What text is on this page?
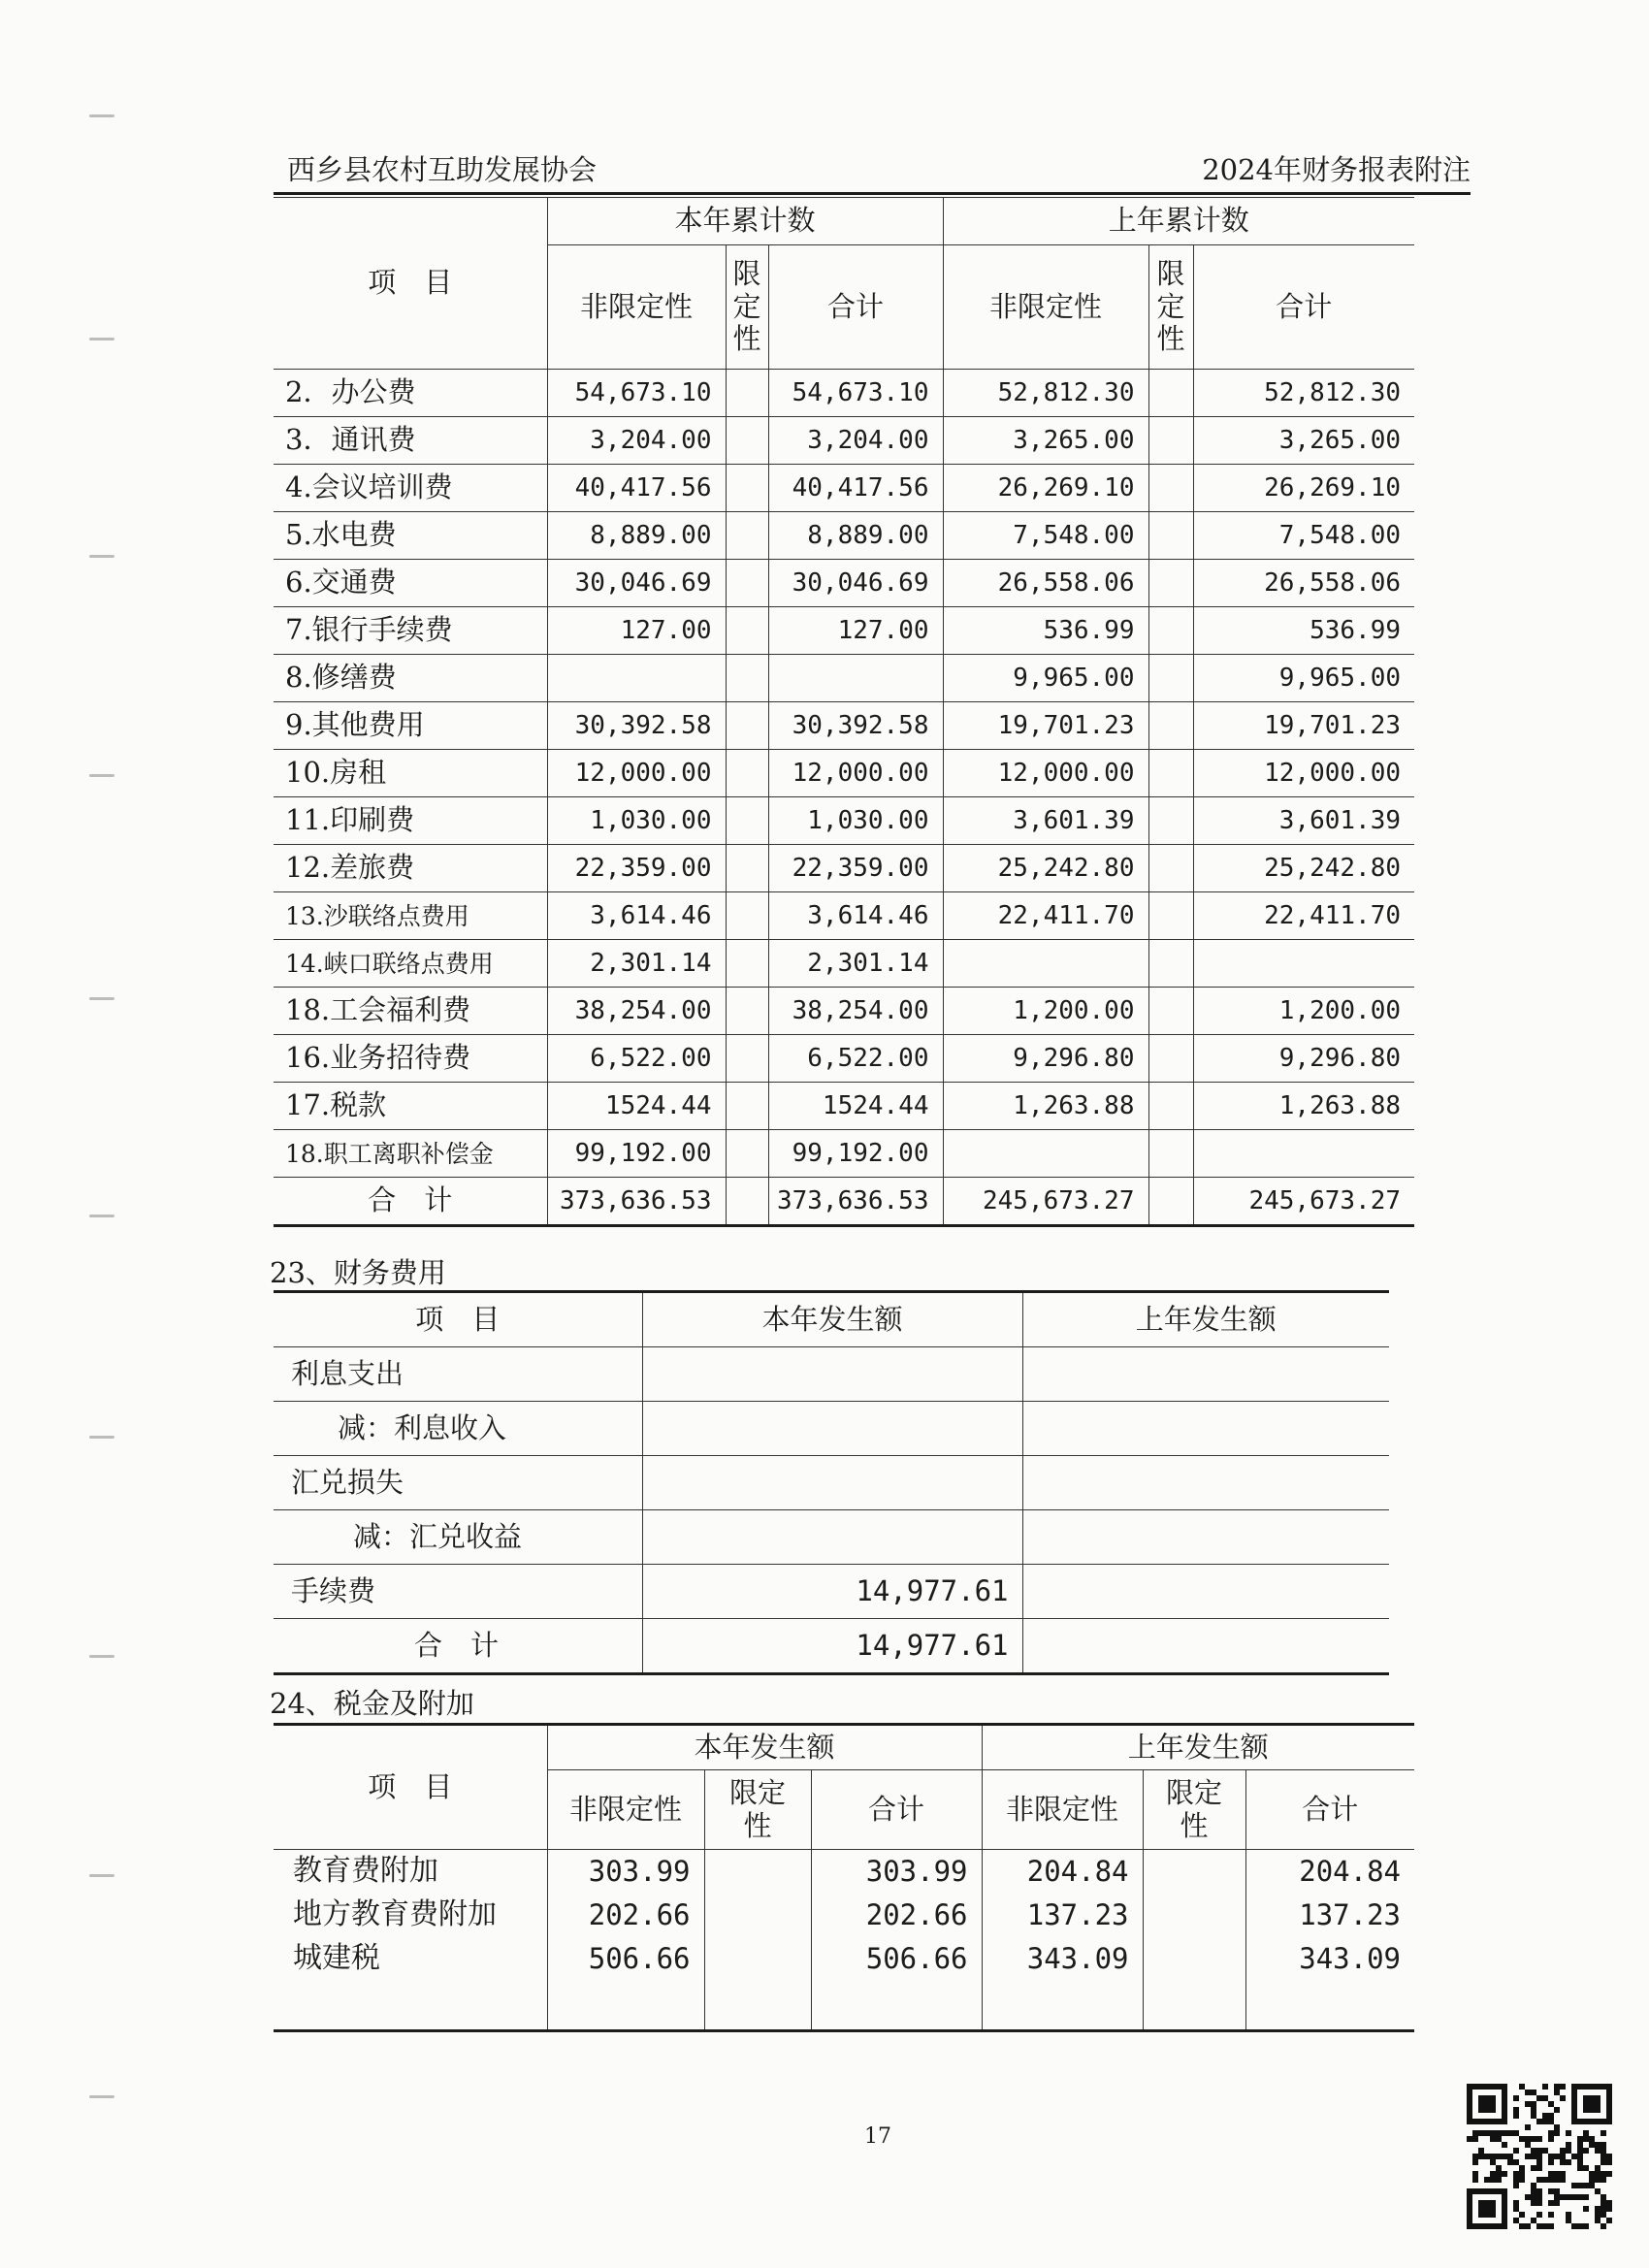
西乡县农村互助发展协会	2024年财务报表附注
项　目	本年累计数			上年累计数		
	非限定性	限定性	合计	非限定性	限定性	合计
2．办公费	54,673.10		54,673.10	52,812.30		52,812.30
3．通讯费	3,204.00		3,204.00	3,265.00		3,265.00
4.会议培训费	40,417.56		40,417.56	26,269.10		26,269.10
5.水电费	8,889.00		8,889.00	7,548.00		7,548.00
6.交通费	30,046.69		30,046.69	26,558.06		26,558.06
7.银行手续费	127.00		127.00	536.99		536.99
8.修缮费				9,965.00		9,965.00
9.其他费用	30,392.58		30,392.58	19,701.23		19,701.23
10.房租	12,000.00		12,000.00	12,000.00		12,000.00
11.印刷费	1,030.00		1,030.00	3,601.39		3,601.39
12.差旅费	22,359.00		22,359.00	25,242.80		25,242.80
13.沙联络点费用	3,614.46		3,614.46	22,411.70		22,411.70
14.峡口联络点费用	2,301.14		2,301.14			
18.工会福利费	38,254.00		38,254.00	1,200.00		1,200.00
16.业务招待费	6,522.00		6,522.00	9,296.80		9,296.80
17.税款	1524.44		1524.44	1,263.88		1,263.88
18.职工离职补偿金	99,192.00		99,192.00			
合　计	373,636.53		373,636.53	245,673.27		245,673.27
23、财务费用
项　目	本年发生额	上年发生额
利息支出		
减：利息收入		
汇兑损失		
减：汇兑收益		
手续费	14,977.61	
合　计	14,977.61	
24、税金及附加
项　目	本年发生额			上年发生额		
	非限定性	限定性	合计	非限定性	限定性	合计
教育费附加	303.99		303.99	204.84		204.84
地方教育费附加	202.66		202.66	137.23		137.23
城建税	506.66		506.66	343.09		343.09

17
